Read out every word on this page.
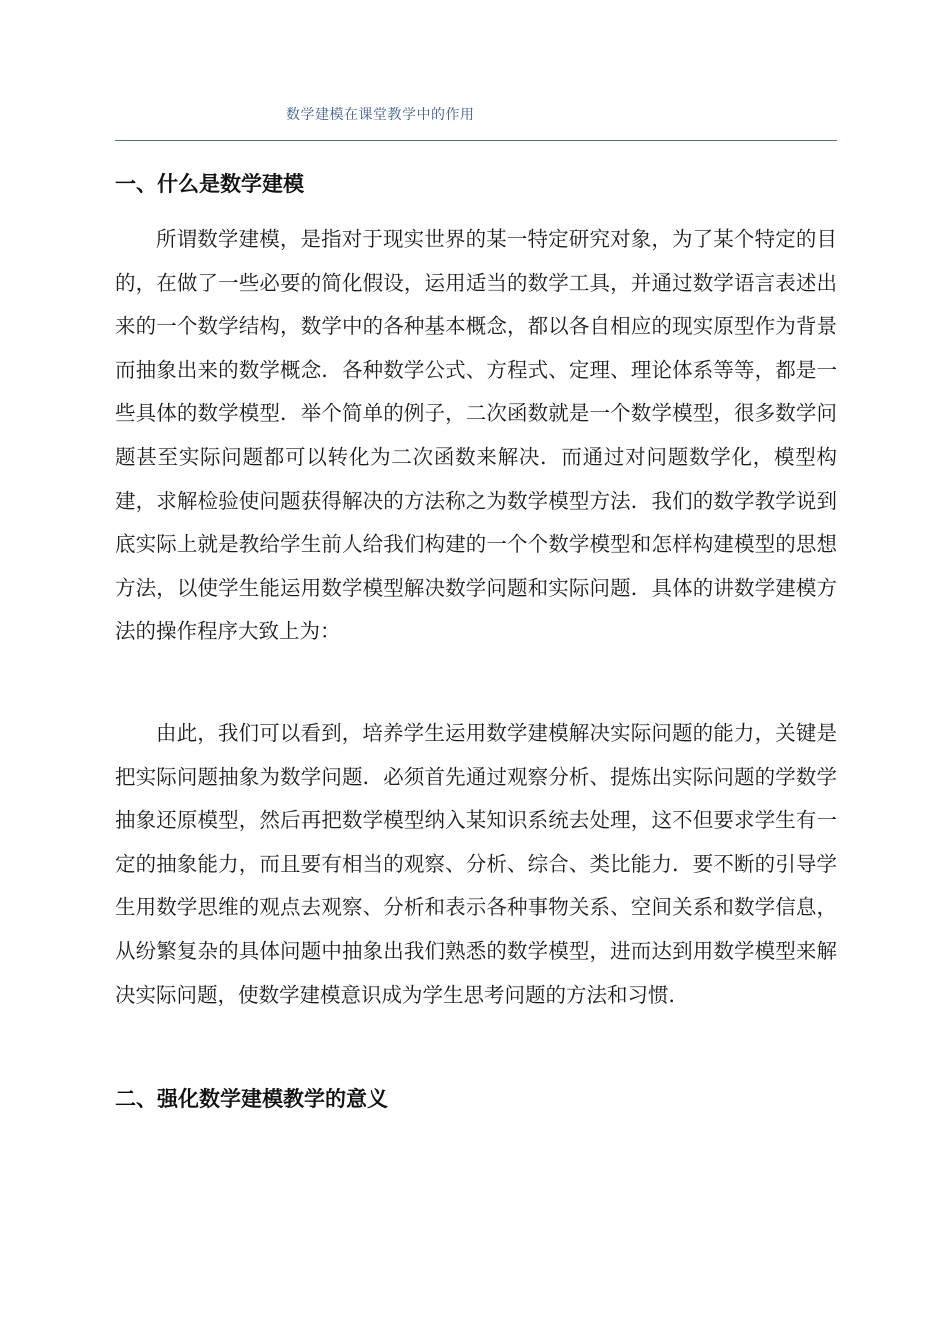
数学建模在课堂教学中的作用
一、什么是数学建模

所谓数学建模，是指对于现实世界的某一特定研究对象，为了某个特定的目的，在做了一些必要的简化假设，运用适当的数学工具，并通过数学语言表述出来的一个数学结构，数学中的各种基本概念，都以各自相应的现实原型作为背景而抽象出来的数学概念．各种数学公式、方程式、定理、理论体系等等，都是一些具体的数学模型．举个简单的例子，二次函数就是一个数学模型，很多数学问题甚至实际问题都可以转化为二次函数来解决．而通过对问题数学化，模型构建，求解检验使问题获得解决的方法称之为数学模型方法．我们的数学教学说到底实际上就是教给学生前人给我们构建的一个个数学模型和怎样构建模型的思想方法，以使学生能运用数学模型解决数学问题和实际问题．具体的讲数学建模方法的操作程序大致上为：

由此，我们可以看到，培养学生运用数学建模解决实际问题的能力，关键是把实际问题抽象为数学问题．必须首先通过观察分析、提炼出实际问题的学数学抽象还原模型，然后再把数学模型纳入某知识系统去处理，这不但要求学生有一定的抽象能力，而且要有相当的观察、分析、综合、类比能力．要不断的引导学生用数学思维的观点去观察、分析和表示各种事物关系、空间关系和数学信息，从纷繁复杂的具体问题中抽象出我们熟悉的数学模型，进而达到用数学模型来解决实际问题，使数学建模意识成为学生思考问题的方法和习惯．

二、强化数学建模教学的意义
